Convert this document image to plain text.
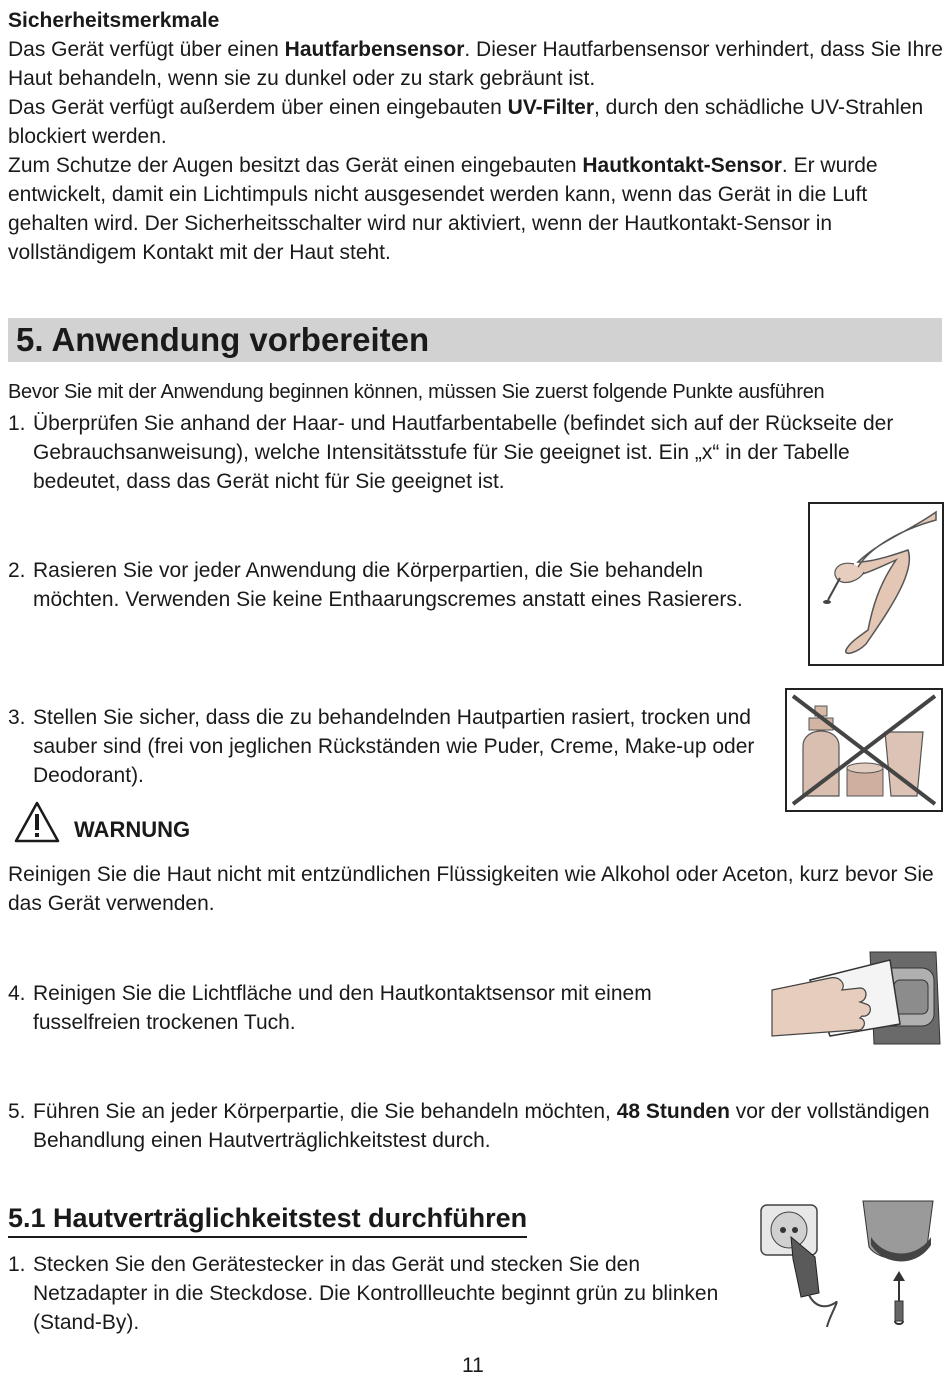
Sicherheitsmerkmale
Das Gerät verfügt über einen Hautfarbensensor. Dieser Hautfarbensensor verhindert, dass Sie Ihre Haut behandeln, wenn sie zu dunkel oder zu stark gebräunt ist.
Das Gerät verfügt außerdem über einen eingebauten UV-Filter, durch den schädliche UV-Strahlen blockiert werden.
Zum Schutze der Augen besitzt das Gerät einen eingebauten Hautkontakt-Sensor. Er wurde entwickelt, damit ein Lichtimpuls nicht ausgesendet werden kann, wenn das Gerät in die Luft gehalten wird. Der Sicherheitsschalter wird nur aktiviert, wenn der Hautkontakt-Sensor in vollständigem Kontakt mit der Haut steht.
5. Anwendung vorbereiten
Bevor Sie mit der Anwendung beginnen können, müssen Sie zuerst folgende Punkte ausführen
1. Überprüfen Sie anhand der Haar- und Hautfarbentabelle (befindet sich auf der Rückseite der Gebrauchsanweisung), welche Intensitätsstufe für Sie geeignet ist. Ein „x“ in der Tabelle bedeutet, dass das Gerät nicht für Sie geeignet ist.
2. Rasieren Sie vor jeder Anwendung die Körperpartien, die Sie behandeln möchten. Verwenden Sie keine Enthaarungscremes anstatt eines Rasierers.
3. Stellen Sie sicher, dass die zu behandelnden Hautpartien rasiert, trocken und sauber sind (frei von jeglichen Rückständen wie Puder, Creme, Make-up oder Deodorant).
WARNUNG
Reinigen Sie die Haut nicht mit entzündlichen Flüssigkeiten wie Alkohol oder Aceton, kurz bevor Sie das Gerät verwenden.
4. Reinigen Sie die Lichtfläche und den Hautkontaktsensor mit einem fusselfreien trockenen Tuch.
5. Führen Sie an jeder Körperpartie, die Sie behandeln möchten, 48 Stunden vor der vollständigen Behandlung einen Hautverträglichkeitstest durch.
5.1 Hautverträglichkeitstest durchführen
1. Stecken Sie den Gerätestecker in das Gerät und stecken Sie den Netzadapter in die Steckdose. Die Kontrollleuchte beginnt grün zu blinken (Stand-By).
11
